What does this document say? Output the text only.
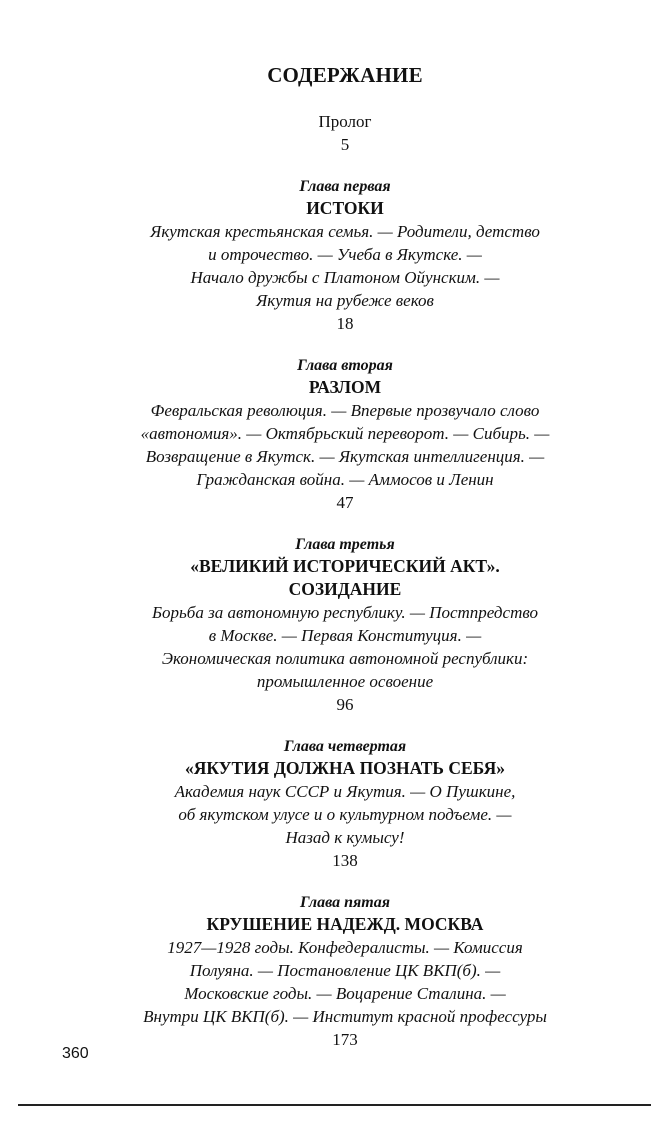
СОДЕРЖАНИЕ
Пролог
5
Глава первая
ИСТОКИ
Якутская крестьянская семья. — Родители, детство
и отрочество. — Учеба в Якутске. —
Начало дружбы с Платоном Ойунским. —
Якутия на рубеже веков
18
Глава вторая
РАЗЛОМ
Февральская революция. — Впервые прозвучало слово
«автономия». — Октябрьский переворот. — Сибирь. —
Возвращение в Якутск. — Якутская интеллигенция. —
Гражданская война. — Аммосов и Ленин
47
Глава третья
«ВЕЛИКИЙ ИСТОРИЧЕСКИЙ АКТ».
СОЗИДАНИЕ
Борьба за автономную республику. — Постпредство
в Москве. — Первая Конституция. —
Экономическая политика автономной республики:
промышленное освоение
96
Глава четвертая
«ЯКУТИЯ ДОЛЖНА ПОЗНАТЬ СЕБЯ»
Академия наук СССР и Якутия. — О Пушкине,
об якутском улусе и о культурном подъеме. —
Назад к кумысу!
138
Глава пятая
КРУШЕНИЕ НАДЕЖД. МОСКВА
1927—1928 годы. Конфедералисты. — Комиссия
Полуяна. — Постановление ЦК ВКП(б). —
Московские годы. — Воцарение Сталина. —
Внутри ЦК ВКП(б). — Институт красной профессуры
173
360
